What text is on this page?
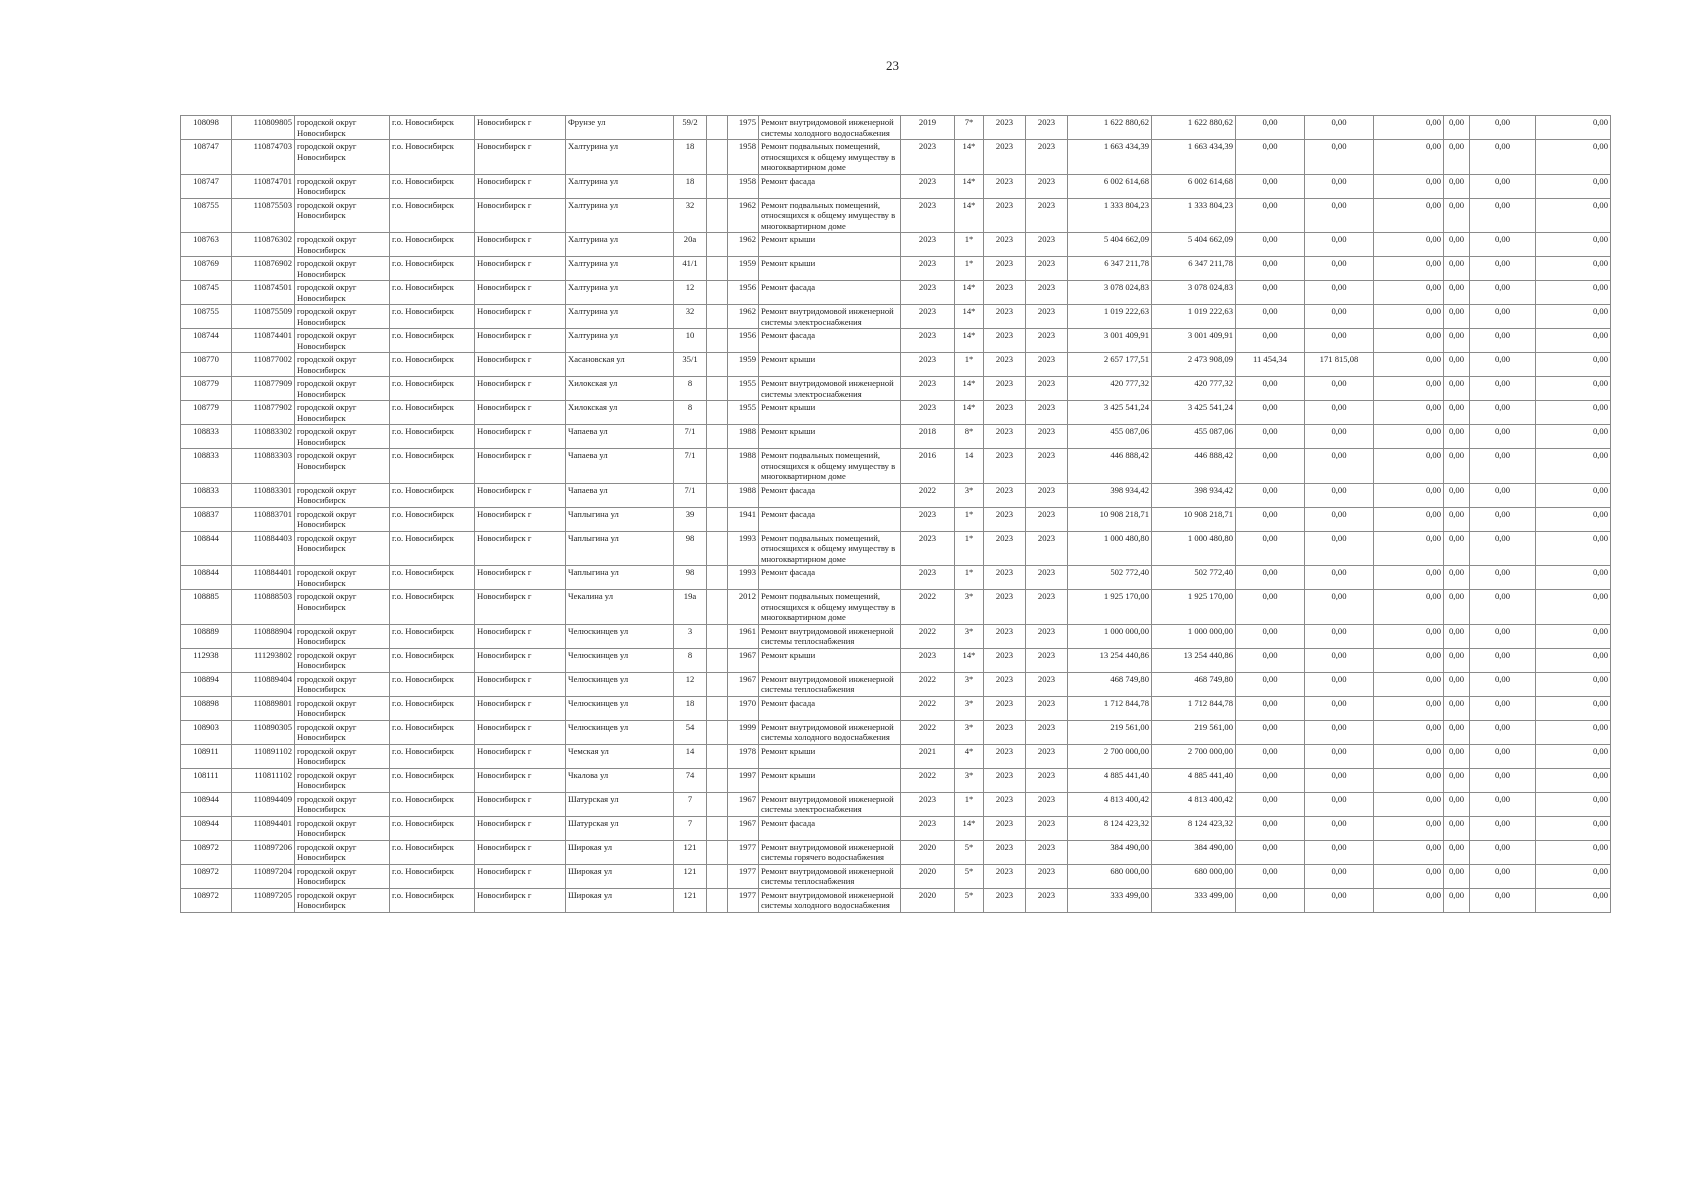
23
108098	110809805	городской округ Новосибирск	г.о. Новосибирск	Новосибирск г	Фрунзе ул	59/2		1975	Ремонт внутридомовой инженерной системы холодного водоснабжения	2019	7*	2023	2023	1 622 880,62	1 622 880,62	0,00	0,00	0,00	0,00	0,00	0,00
108747	110874703	городской округ Новосибирск	г.о. Новосибирск	Новосибирск г	Халтурина ул	18		1958	Ремонт подвальных помещений, относящихся к общему имуществу в многоквартирном доме	2023	14*	2023	2023	1 663 434,39	1 663 434,39	0,00	0,00	0,00	0,00	0,00	0,00
108747	110874701	городской округ Новосибирск	г.о. Новосибирск	Новосибирск г	Халтурина ул	18		1958	Ремонт фасада	2023	14*	2023	2023	6 002 614,68	6 002 614,68	0,00	0,00	0,00	0,00	0,00	0,00
108755	110875503	городской округ Новосибирск	г.о. Новосибирск	Новосибирск г	Халтурина ул	32		1962	Ремонт подвальных помещений, относящихся к общему имуществу в многоквартирном доме	2023	14*	2023	2023	1 333 804,23	1 333 804,23	0,00	0,00	0,00	0,00	0,00	0,00
108763	110876302	городской округ Новосибирск	г.о. Новосибирск	Новосибирск г	Халтурина ул	20а		1962	Ремонт крыши	2023	1*	2023	2023	5 404 662,09	5 404 662,09	0,00	0,00	0,00	0,00	0,00	0,00
108769	110876902	городской округ Новосибирск	г.о. Новосибирск	Новосибирск г	Халтурина ул	41/1		1959	Ремонт крыши	2023	1*	2023	2023	6 347 211,78	6 347 211,78	0,00	0,00	0,00	0,00	0,00	0,00
108745	110874501	городской округ Новосибирск	г.о. Новосибирск	Новосибирск г	Халтурина ул	12		1956	Ремонт фасада	2023	14*	2023	2023	3 078 024,83	3 078 024,83	0,00	0,00	0,00	0,00	0,00	0,00
108755	110875509	городской округ Новосибирск	г.о. Новосибирск	Новосибирск г	Халтурина ул	32		1962	Ремонт внутридомовой инженерной системы электроснабжения	2023	14*	2023	2023	1 019 222,63	1 019 222,63	0,00	0,00	0,00	0,00	0,00	0,00
108744	110874401	городской округ Новосибирск	г.о. Новосибирск	Новосибирск г	Халтурина ул	10		1956	Ремонт фасада	2023	14*	2023	2023	3 001 409,91	3 001 409,91	0,00	0,00	0,00	0,00	0,00	0,00
108770	110877002	городской округ Новосибирск	г.о. Новосибирск	Новосибирск г	Хасановская ул	35/1		1959	Ремонт крыши	2023	1*	2023	2023	2 657 177,51	2 473 908,09	11 454,34	171 815,08	0,00	0,00	0,00	0,00
108779	110877909	городской округ Новосибирск	г.о. Новосибирск	Новосибирск г	Хилокская ул	8		1955	Ремонт внутридомовой инженерной системы электроснабжения	2023	14*	2023	2023	420 777,32	420 777,32	0,00	0,00	0,00	0,00	0,00	0,00
108779	110877902	городской округ Новосибирск	г.о. Новосибирск	Новосибирск г	Хилокская ул	8		1955	Ремонт крыши	2023	14*	2023	2023	3 425 541,24	3 425 541,24	0,00	0,00	0,00	0,00	0,00	0,00
108833	110883302	городской округ Новосибирск	г.о. Новосибирск	Новосибирск г	Чапаева ул	7/1		1988	Ремонт крыши	2018	8*	2023	2023	455 087,06	455 087,06	0,00	0,00	0,00	0,00	0,00	0,00
108833	110883303	городской округ Новосибирск	г.о. Новосибирск	Новосибирск г	Чапаева ул	7/1		1988	Ремонт подвальных помещений, относящихся к общему имуществу в многоквартирном доме	2016	14	2023	2023	446 888,42	446 888,42	0,00	0,00	0,00	0,00	0,00	0,00
108833	110883301	городской округ Новосибирск	г.о. Новосибирск	Новосибирск г	Чапаева ул	7/1		1988	Ремонт фасада	2022	3*	2023	2023	398 934,42	398 934,42	0,00	0,00	0,00	0,00	0,00	0,00
108837	110883701	городской округ Новосибирск	г.о. Новосибирск	Новосибирск г	Чаплыгина ул	39		1941	Ремонт фасада	2023	1*	2023	2023	10 908 218,71	10 908 218,71	0,00	0,00	0,00	0,00	0,00	0,00
108844	110884403	городской округ Новосибирск	г.о. Новосибирск	Новосибирск г	Чаплыгина ул	98		1993	Ремонт подвальных помещений, относящихся к общему имуществу в многоквартирном доме	2023	1*	2023	2023	1 000 480,80	1 000 480,80	0,00	0,00	0,00	0,00	0,00	0,00
108844	110884401	городской округ Новосибирск	г.о. Новосибирск	Новосибирск г	Чаплыгина ул	98		1993	Ремонт фасада	2023	1*	2023	2023	502 772,40	502 772,40	0,00	0,00	0,00	0,00	0,00	0,00
108885	110888503	городской округ Новосибирск	г.о. Новосибирск	Новосибирск г	Чекалина ул	19а		2012	Ремонт подвальных помещений, относящихся к общему имуществу в многоквартирном доме	2022	3*	2023	2023	1 925 170,00	1 925 170,00	0,00	0,00	0,00	0,00	0,00	0,00
108889	110888904	городской округ Новосибирск	г.о. Новосибирск	Новосибирск г	Челюскинцев ул	3		1961	Ремонт внутридомовой инженерной системы теплоснабжения	2022	3*	2023	2023	1 000 000,00	1 000 000,00	0,00	0,00	0,00	0,00	0,00	0,00
112938	111293802	городской округ Новосибирск	г.о. Новосибирск	Новосибирск г	Челюскинцев ул	8		1967	Ремонт крыши	2023	14*	2023	2023	13 254 440,86	13 254 440,86	0,00	0,00	0,00	0,00	0,00	0,00
108894	110889404	городской округ Новосибирск	г.о. Новосибирск	Новосибирск г	Челюскинцев ул	12		1967	Ремонт внутридомовой инженерной системы теплоснабжения	2022	3*	2023	2023	468 749,80	468 749,80	0,00	0,00	0,00	0,00	0,00	0,00
108898	110889801	городской округ Новосибирск	г.о. Новосибирск	Новосибирск г	Челюскинцев ул	18		1970	Ремонт фасада	2022	3*	2023	2023	1 712 844,78	1 712 844,78	0,00	0,00	0,00	0,00	0,00	0,00
108903	110890305	городской округ Новосибирск	г.о. Новосибирск	Новосибирск г	Челюскинцев ул	54		1999	Ремонт внутридомовой инженерной системы холодного водоснабжения	2022	3*	2023	2023	219 561,00	219 561,00	0,00	0,00	0,00	0,00	0,00	0,00
108911	110891102	городской округ Новосибирск	г.о. Новосибирск	Новосибирск г	Чемская ул	14		1978	Ремонт крыши	2021	4*	2023	2023	2 700 000,00	2 700 000,00	0,00	0,00	0,00	0,00	0,00	0,00
108111	110811102	городской округ Новосибирск	г.о. Новосибирск	Новосибирск г	Чкалова ул	74		1997	Ремонт крыши	2022	3*	2023	2023	4 885 441,40	4 885 441,40	0,00	0,00	0,00	0,00	0,00	0,00
108944	110894409	городской округ Новосибирск	г.о. Новосибирск	Новосибирск г	Шатурская ул	7		1967	Ремонт внутридомовой инженерной системы электроснабжения	2023	1*	2023	2023	4 813 400,42	4 813 400,42	0,00	0,00	0,00	0,00	0,00	0,00
108944	110894401	городской округ Новосибирск	г.о. Новосибирск	Новосибирск г	Шатурская ул	7		1967	Ремонт фасада	2023	14*	2023	2023	8 124 423,32	8 124 423,32	0,00	0,00	0,00	0,00	0,00	0,00
108972	110897206	городской округ Новосибирск	г.о. Новосибирск	Новосибирск г	Широкая ул	121		1977	Ремонт внутридомовой инженерной системы горячего водоснабжения	2020	5*	2023	2023	384 490,00	384 490,00	0,00	0,00	0,00	0,00	0,00	0,00
108972	110897204	городской округ Новосибирск	г.о. Новосибирск	Новосибирск г	Широкая ул	121		1977	Ремонт внутридомовой инженерной системы теплоснабжения	2020	5*	2023	2023	680 000,00	680 000,00	0,00	0,00	0,00	0,00	0,00	0,00
108972	110897205	городской округ Новосибирск	г.о. Новосибирск	Новосибирск г	Широкая ул	121		1977	Ремонт внутридомовой инженерной системы холодного водоснабжения	2020	5*	2023	2023	333 499,00	333 499,00	0,00	0,00	0,00	0,00	0,00	0,00
